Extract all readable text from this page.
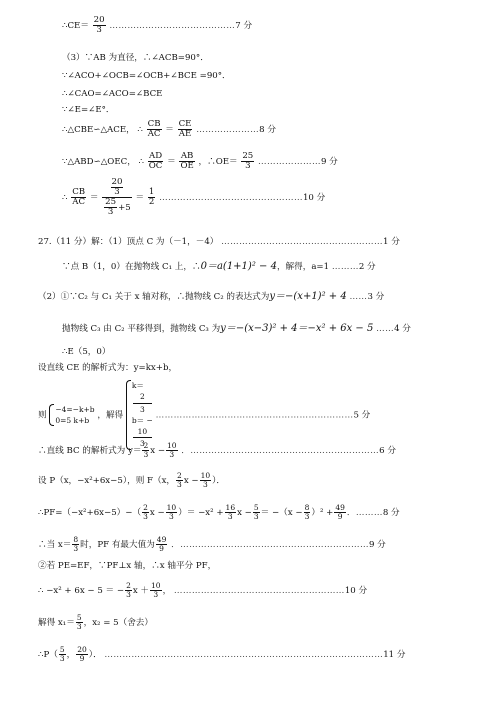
∴CE＝ $\frac{20}{3}$ ……………………………………7 分
（3）∵AB 为直径，∴∠ACB=90°．
∵∠ACO+∠OCB=∠OCB+∠BCE =90°．
∴∠CAO=∠ACO=∠BCE
∵∠E=∠E°．
∴△CBE∽△ACE， ∴ $\frac{CB}{AC} = \frac{CE}{AE}$ …………………8 分
∵△ABD∽△OEC， ∴ $\frac{AD}{OC} = \frac{AB}{OE}$ ，∴OE＝ $\frac{25}{3}$ …………………9 分
∴ $\frac{CB}{AC} = \frac{\frac{20}{3}}{\frac{25}{3} +5} = \frac{1}{2}$ …………………………………………10 分
27.（11 分）解：（1）顶点 C 为（－1，－4） ………………………………………………1 分
∵点 B（1，0）在抛物线 C₁ 上，∴0＝a(1+1)² − 4，解得，a=1 ………2 分
（2）①∵C₂ 与 C₁ 关于 x 轴对称，∴抛物线 C₂ 的表达式为y＝−(x+1)² + 4 ……3 分
抛物线 C₃ 由 C₂ 平移得到，抛物线 C₃ 为y＝−(x−3)² + 4＝−x² + 6x − 5 ……4 分
∴E（5，0）
设直线 CE 的解析式为：y=kx+b，
则
−4=−k+b
0=5 k+b ，解得
k＝
2
3
b＝ −
10
3
…………………………………………………………5 分
∴直线 BC 的解析式为 $y= \frac{2}{3}$ $x - \frac{10}{3}$ ．………………………………………………………6 分
设 P（x，−x²+6x−5），则 F（x， $\frac{2}{3}$ $x - \frac{10}{3}$ ）．
∴PF=（−x²+6x−5）−（ $\frac{2}{3}$ $x - \frac{10}{3}$ ）＝ $-x^2 + \frac{16}{3}$ $x - \frac{5}{3} = -(x - \frac{8}{3} )^2 + \frac{49}{9}$ ．………8 分
∴当 $x= \frac{8}{3}$ 时，PF 有最大值为 $\frac{49}{9}$ ．………………………………………………………9 分
②若 PE=EF，∵PF⊥x 轴，∴x 轴平分 PF，
∴ −x² + 6x − 5 ＝ − $\frac{2}{3}$ $x + \frac{10}{3}$ ， …………………………………………………10 分
解得 $x_1= \frac{5}{3}$ ，x₂ = 5（舍去）
∴P（ $\frac{5}{3}$ ， $\frac{20}{9}$ ）． …………………………………………………………………………………11 分
